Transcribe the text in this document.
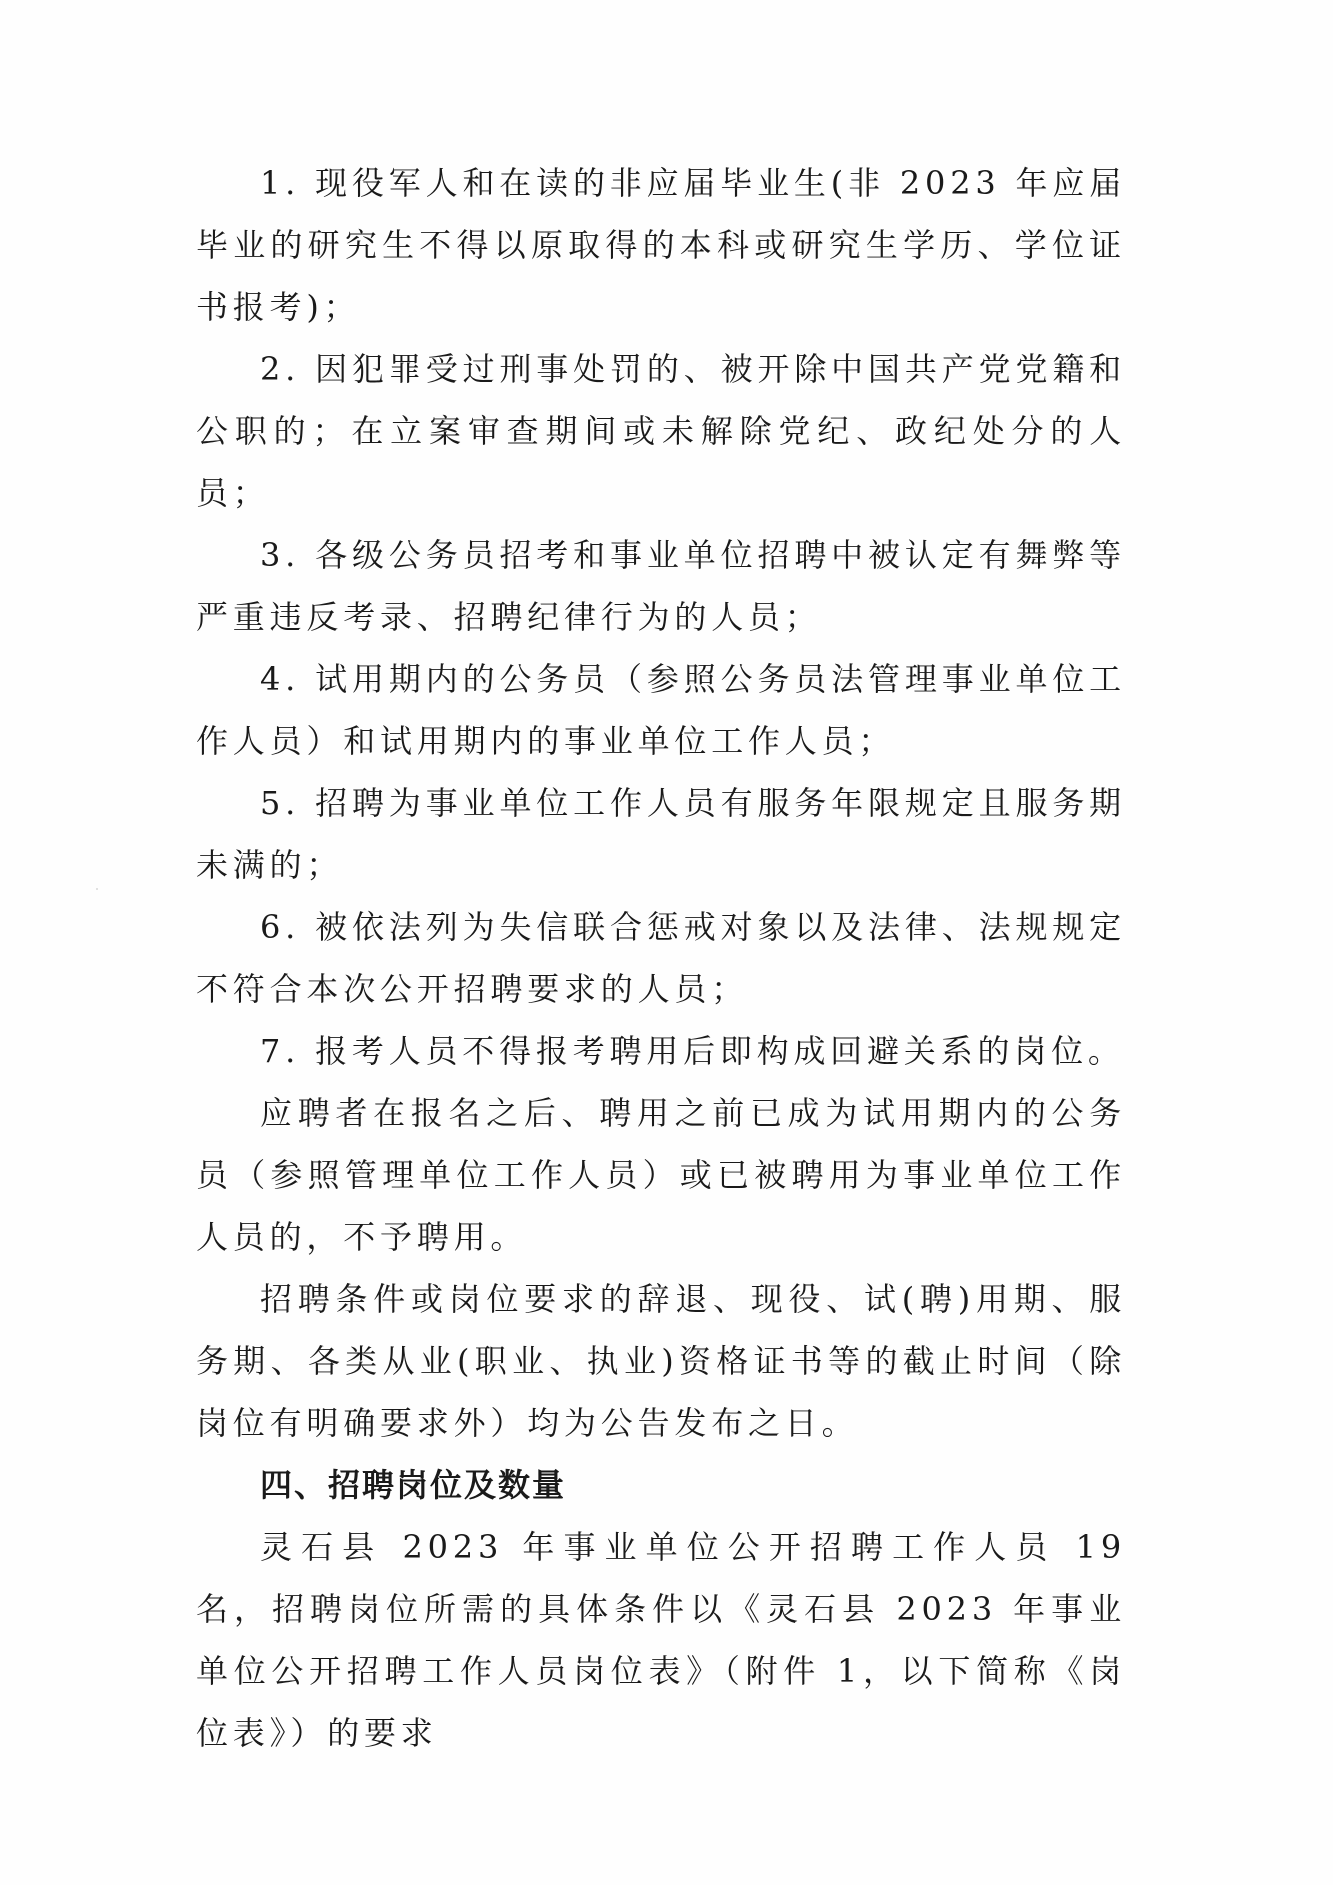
1. 现役军人和在读的非应届毕业生(非 2023 年应届毕业的研究生不得以原取得的本科或研究生学历、学位证书报考)；

2. 因犯罪受过刑事处罚的、被开除中国共产党党籍和公职的；在立案审查期间或未解除党纪、政纪处分的人员；

3. 各级公务员招考和事业单位招聘中被认定有舞弊等严重违反考录、招聘纪律行为的人员；

4. 试用期内的公务员（参照公务员法管理事业单位工作人员）和试用期内的事业单位工作人员；

5. 招聘为事业单位工作人员有服务年限规定且服务期未满的；

6. 被依法列为失信联合惩戒对象以及法律、法规规定不符合本次公开招聘要求的人员；

7. 报考人员不得报考聘用后即构成回避关系的岗位。

应聘者在报名之后、聘用之前已成为试用期内的公务员（参照管理单位工作人员）或已被聘用为事业单位工作人员的，不予聘用。

招聘条件或岗位要求的辞退、现役、试(聘)用期、服务期、各类从业(职业、执业)资格证书等的截止时间（除岗位有明确要求外）均为公告发布之日。

四、招聘岗位及数量

灵石县 2023 年事业单位公开招聘工作人员 19 名，招聘岗位所需的具体条件以《灵石县 2023 年事业单位公开招聘工作人员岗位表》（附件 1，以下简称《岗位表》）的要求
